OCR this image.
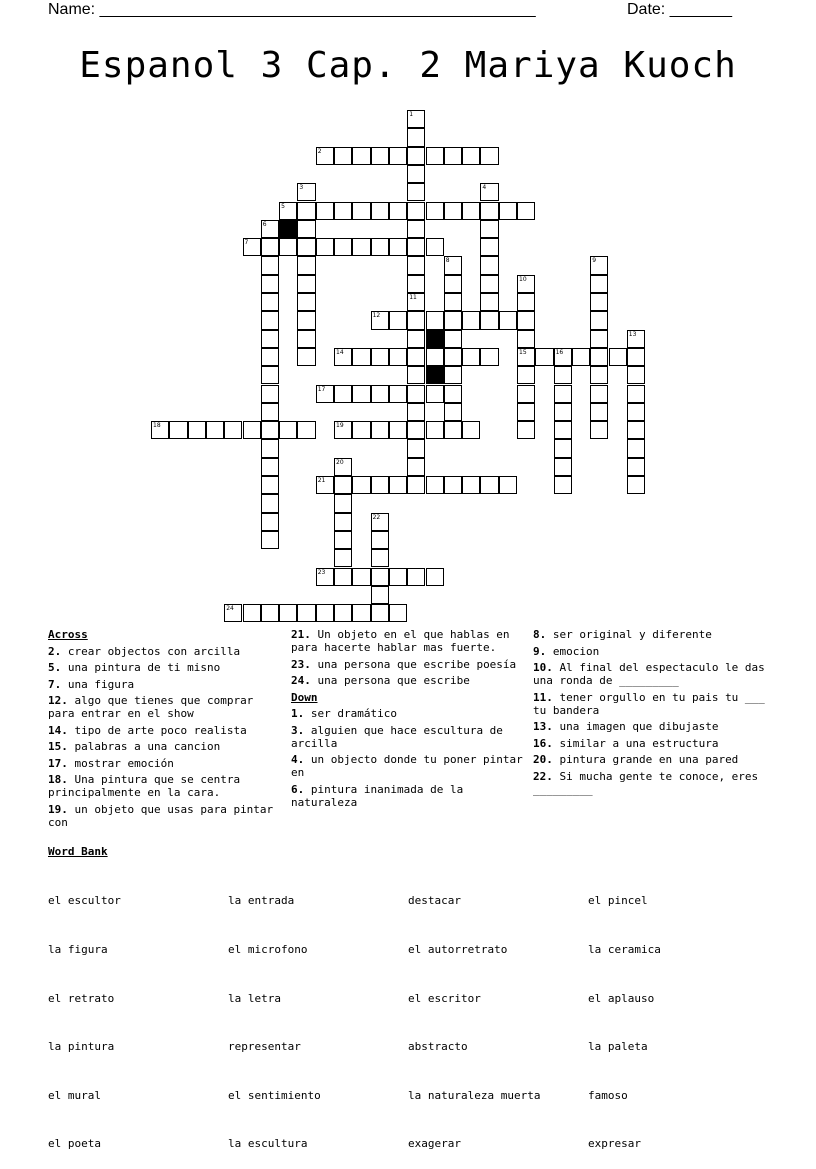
Name: _________________________________________________	Date: _______
Espanol 3 Cap. 2 Mariya Kuoch
1
11
2
3	4
5
6
7
8	9
10
15
12
13
14	16
17
18	19
20
21
22
23
24
Across
2. crear objectos con arcilla
5. una pintura de ti misno
7. una figura
12. algo que tienes que comprar para entrar en el show
14. tipo de arte poco realista
15. palabras a una cancion
17. mostrar emoción
18. Una pintura que se centra principalmente en la cara.
19. un objeto que usas para pintar con
21. Un objeto en el que hablas en para hacerte hablar mas fuerte.
23. una persona que escribe poesía
24. una persona que escribe
Down
1. ser dramático
3. alguien que hace escultura de arcilla
4. un objecto donde tu poner pintar en
6. pintura inanimada de la naturaleza
8. ser original y diferente
9. emocion
10. Al final del espectaculo le das una ronda de _________
11. tener orgullo en tu pais tu ___ tu bandera
13. una imagen que dibujaste
16. similar a una estructura
20. pintura grande en una pared
22. Si mucha gente te conoce, eres _________
Word Bank

el escultor

la figura

el retrato

la pintura

el mural

el poeta

la entrada

el microfono

la letra

representar

el sentimiento

la escultura

destacar

el autorretrato

el escritor

abstracto

la naturaleza muerta

exagerar

el pincel

la ceramica

el aplauso

la paleta

famoso

expresar
